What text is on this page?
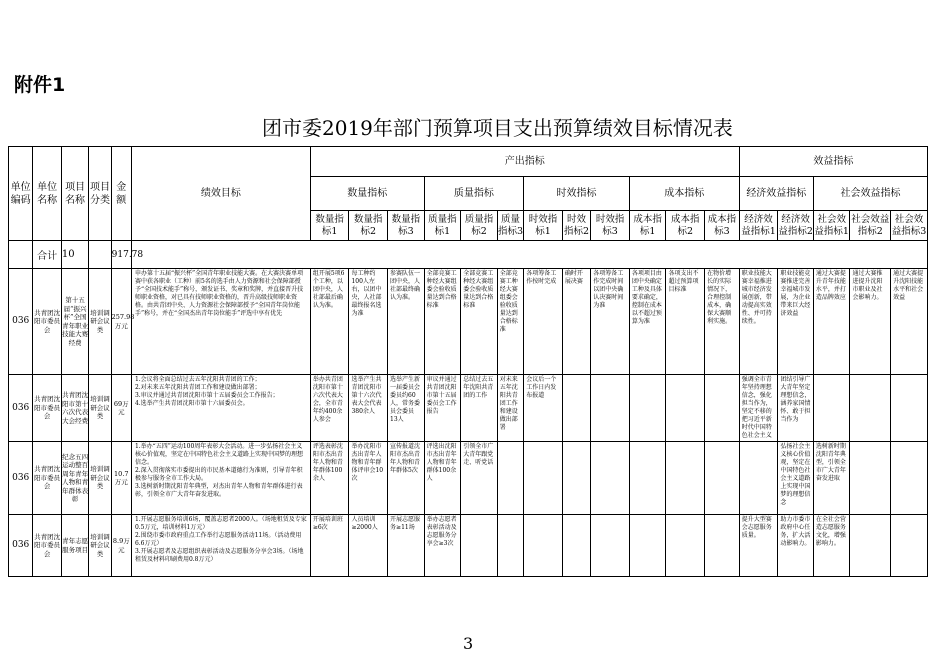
附件1
团市委2019年部门预算项目支出预算绩效目标情况表
单位编码	单位名称	项目名称	项目分类	金额	绩效目标	产出指标												效益指标				
						数量指标			质量指标			时效指标			成本指标			经济效益指标		社会效益指标		
						数量指标1	数量指标2	数量指标3	质量指标1	质量指标2	质量指标3	时效指标1	时效指标2	时效指标3	成本指标1	成本指标2	成本指标3	经济效益指标1	经济效益指标2	社会效益指标1	社会效益指标2	社会效益指标3
	合计	10		917.78																		
036	共青团沈阳市委员会	第十五届“振兴杯”全国青年职业技能大赛经费	培训调研会议类	257.98万元	申办第十五届“振兴杯”全国青年职业技能大赛。在大赛決赛单项赛中获各职业（工种）前5名的选手由人力资源和社会保障部授予“全国技术能手”称号，颁发证书、奖章和奖牌，并直接晋升技师职业资格，对已具有技师职业资格的，晋升高级技师职业资格。由共青团中央、人力资源社会保障部授予“全国青年岗位能手”称号，并在“全国杰出青年岗位能手”评选中享有优先	组开展5项6个工种，以团中央，人社部最后确认为准。	每工种约100人左右，以团中央，人社部最终报名选为准	参赛队伍一团中央，人社部最终确认为准。	全部竞赛工种经大赛组委会验收质量达到合格标准	全部竞赛工种经大赛组委会验收质量达到合格标准	全部竞赛工种经大赛组委会验收质量达到合格标准	各项筹备工作按时完成	确时开展决赛	各项筹备工作完成时间以团中央确认决赛时间为准	各项项目由团中央确定工种及具体要求确定，控制在成本以不超过预算为准	各项支出不超过预算项目标准	在物价增长的实际情况下，合理控制成本，确保大赛顺利实施。	职业技能大赛幸福推进城市经济发展创新，带动提高实效性、并可持续性。	职业技能竞赛推进完善幸福城市发展，为企业带来巨大经济效益	通过大赛提升青年技能水平，并打造品牌效应	通过大赛推进提升沈阳市职业及社会影响力。	通过大赛提升沈阳技能水平和社会效益
036	共青团沈阳市委员会	共青团沈阳市第十六次代表大会经费	培训调研会议类	69万元	1.会议将全面总结过去五年沈阳共青团的工作；
2.对未来五年沈阳共青团工作和建设做出部署；
3.审议并通过共青团沈阳市第十五届委员会工作报告；
4.选举产生共青团沈阳市第十六届委员会。	举办共青团沈阳市第十六次代表大会，全市青年约400余人参会	选举产生共青团沈阳市第十六次代表大会代表380余人	选举产生新一届委员会委员约60人，常务委员会委员13人	审议并通过共青团沈阳市第十五届委员会工作报告	总结过去五年沈阳共青团的工作	对未来五年沈阳共青团工作和建设做出部署	会议后一个工作日内发布报道						强调全市青年坚持理想信念，强化担当作为，坚定不移的把习近平新时代中国特色社会主义	团结引导广大青年坚定理想信念，涵养家国情怀、敢于担当作为			
036	共青团沈阳市委员会	纪念五四运动整百周年青年人物和青年群体表彰	培训调研会议类	10.7万元	1.举办“五四”运动100周年表彰大会活动。进一步弘扬社会主义核心价值观，坚定在中国特色社会主义道路上实现中国梦的理想信念。
2.深入贯彻落实市委提出的市民基本道德行为准则，引导青年积极参与服务全市工作大局。
3.选树新时期沈阳青年典型，对杰出青年人物和青年群体进行表彰，引领全市广大青年奋发进取。	评选表彰沈阳市杰出青年人物和青年群体100余人	举办沈阳市杰出青年人物和青年群体评审会10次	宣传报道沈阳市杰出青年人物和青年群体5次	评选出沈阳市杰出青年人物和青年群体100余人	引领全市广大青年跟党走、听党话									弘扬社会主义核心价值观，坚定在中国特色社会主义道路上实现中国梦的理想信念	选树新时期沈阳青年典型，引领全市广大青年奋发进取		
036	共青团沈阳市委员会	青年志愿服务项目	培训调研会议类	8.9万元	1.开展志愿服务培训6场，覆盖志愿者2000人。（场地租赁及专家0.5万元，培训材料1万元）
2.围绕市委市政府重点工作举行志愿服务活动11场。（活动费用6.6万元）
3.开展志愿者及志愿组织表彰活动及志愿服务分享会3场。（场地租赁及材料印刷费用0.8万元）	开展培训班≥6次	人员培训≥2000人	开展志愿服务≥11场	举办志愿者表彰活动及志愿服务分享会≥3次									提升大型赛会志愿服务质量。	助力市委市政府中心任务，扩大活动影响力。	在全社会营造志愿服务文化，增强影响力。		
3
